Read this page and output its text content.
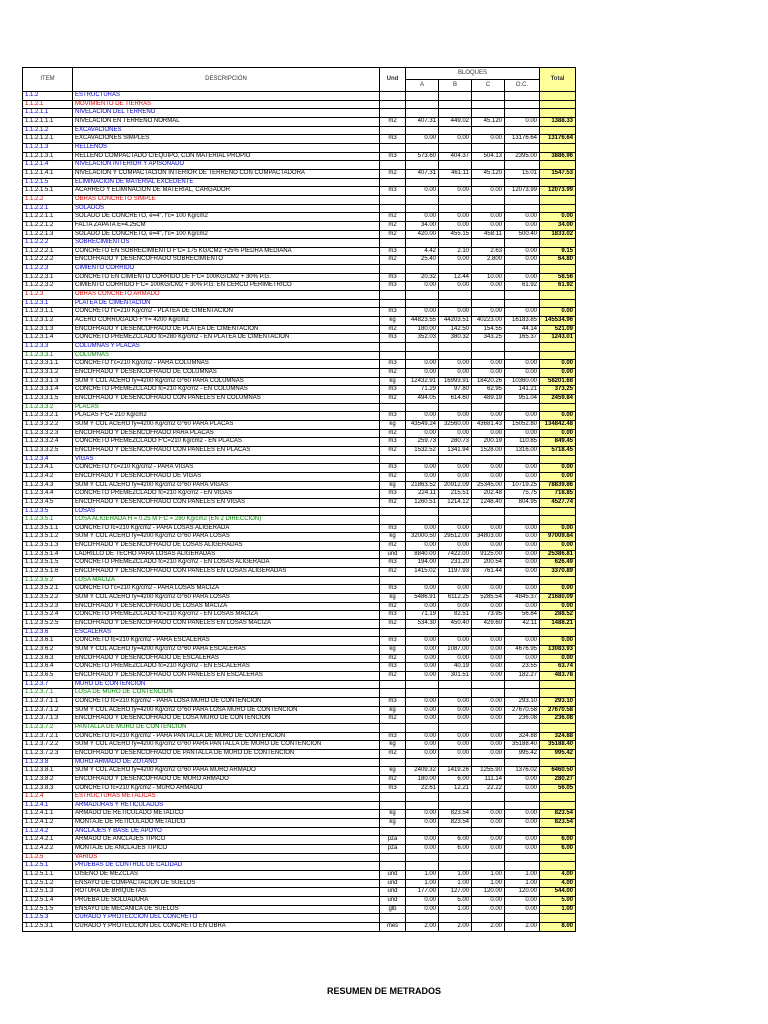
ITEM	DESCRIPCIÓN	Und	BLOQUES				Total
			A	B	C	O.C.	
1.1.2	ESTRUCTURAS						
1.1.2.1	MOVIMIENTO DE TIERRAS						
1.1.2.1.1	NIVELACION DEL TERRENO						
1.1.2.1.1.1	NIVELACION EN TERRENO NORMAL	m2	407.31	449.02	45.120	0.00	1388.33
1.1.2.1.2	EXCAVACIONES						
1.1.2.1.2.1	EXCAVACIONES SIMPLES	m3	0.00	0.00	0.00	13176.64	13176.64
1.1.2.1.3	RELLENOS						
1.1.2.1.3.1	RELLENO COMPACTADO C/EQUIPO, CON MATERIAL PROPIO	m3	573.60	404.37	504.13	2395.00	3886.96
1.1.2.1.4	NIVELACION INTERIOR Y APISONADO						
1.1.2.1.4.1	NIVELACION Y COMPACTACION INTERIOR DE TERRENO CON COMPACTADORA	m2	407.31	461.11	45.120	15.01	1547.53
1.1.2.1.5	ELIMINACION DE MATERIAL EXCEDENTE						
1.1.2.1.5.1	ACARREO Y ELIMINACION DE MATERIAL, CARGADOR	m3	0.00	0.00	0.00	12073.99	12073.99
1.1.2.2	OBRAS CONCRETO SIMPLE						
1.1.2.2.1	SOLADOS						
1.1.2.2.1.1	SOLADO DE CONCRETO, e=4", f'c= 100 Kg/cm2	m2	0.00	0.00	0.00	0.00	0.00
1.1.2.2.1.2	FALTA ZAPATA E=4.25CM	m2	34.00	0.00	0.00	0.00	34.00
1.1.2.2.1.3	SOLADO DE CONCRETO, e=4", f'c= 100 Kg/cm2	m2	420.00	455.15	458.11	500.40	1833.02
1.1.2.2.2	SOBRECIMIENTOS						
1.1.2.2.2.1	CONCRETO EN SOBRECIMIENTO F'C= 175 KG/CM2 +25% PIEDRA MEDIANA	m3	4.42	2.10	2.63	0.00	9.15
1.1.2.2.2.2	ENCOFRADO Y DESENCOFRADO SOBRECIMIENTO	m2	25.40	0.00	2.800	0.00	64.80
1.1.2.2.3	CIMIENTO CORRIDO						
1.1.2.2.3.1	CONCRETO EN CIMIENTO CORRIDO DE F'C= 100KG/CM2 + 30% P.G.	m3	20.32	12.44	10.00	0.00	58.56
1.1.2.2.3.2	CIMIENTO CORRIDO F'C= 100KG/CM2 + 30% P.G. EN CERCO PERIMETRICO	m3	0.00	0.00	0.00	61.92	61.92
1.1.2.3	OBRAS CONCRETO ARMADO						
1.1.2.3.1	PLATEA DE CIMENTACION						
1.1.2.3.1.1	CONCRETO f'c=210 Kg/cm2 - PLATEA DE CIMENTACION	m3	0.00	0.00	0.00	0.00	0.00
1.1.2.3.1.2	ACERO CORRUGADO F'Y= 4200 Kg/cm2	kg	44823.55	44203.51	40223.00	16183.85	145534.96
1.1.2.3.1.3	ENCOFRADO Y DESENCOFRADO DE PLATEA DE CIMENTACION	m2	180.00	142.50	154.55	44.14	521.09
1.1.2.3.1.4	CONCRETO PREMEZCLADO fc=280 Kg/cm2 - EN PLATEA DE CIMENTACION	m3	352.03	380.32	343.25	165.37	1243.01
1.1.2.3.3	COLUMNAS Y PLACAS						
1.1.2.3.3.1	COLUMNAS						
1.1.2.3.3.1.1	CONCRETO f'c=210 Kg/cm2 - PARA COLUMNAS	m3	0.00	0.00	0.00	0.00	0.00
1.1.2.3.3.1.2	ENCOFRADO Y DESENCOFRADO DE COLUMNAS	m2	0.00	0.00	0.00	0.00	0.00
1.1.2.3.3.1.3	SUM Y COL ACERO fy=4200 Kg/cm2 G°60 PARA COLUMNAS	kg	12432.91	16993.91	18420.26	10360.00	58201.68
1.1.2.3.3.1.4	CONCRETO PREMEZCLADO fc=210 Kg/cm2 - EN COLUMNAS	m3	71.29	97.80	62.95	141.21	373.25
1.1.2.3.3.1.5	ENCOFRADO Y DESENCOFRADO CON PANELES EN COLUMNAS	m2	494.05	614.60	489.19	951.04	2459.84
1.1.2.3.3.2	PLACAS						
1.1.2.3.3.2.1	PLACAS F'C= 210 Kg/cm2	m3	0.00	0.00	0.00	0.00	0.00
1.1.2.3.3.2.2	SUM Y COL ACERO fy=4200 Kg/cm2 G°60 PARA PLACAS	kg	43549.24	32560.00	43681.43	15052.80	134842.48
1.1.2.3.3.2.3	ENCOFRADO Y DESENCOFRADO PARA PLACAS	m2	0.00	0.00	0.00	0.00	0.00
1.1.2.3.3.2.4	CONCRETO PREMEZCLADO F'C=210 Kg/cm2 - EN PLACAS	m3	259.73	280.73	200.19	110.85	849.45
1.1.2.3.3.2.5	ENCOFRADO Y DESENCOFRADO CON PANELES EN PLACAS	m2	1532.52	1341.94	1528.00	1316.00	5718.45
1.1.2.3.4	VIGAS						
1.1.2.3.4.1	CONCRETO f'c=210 Kg/cm2 - PARA VIGAS	m3	0.00	0.00	0.00	0.00	0.00
1.1.2.3.4.2	ENCOFRADO Y DESENCOFRADO DE VIGAS	m2	0.00	0.00	0.00	0.00	0.00
1.1.2.3.4.3	SUM Y COL ACERO fy=4200 Kg/cm2 G°60 PARA VIGAS	kg	21863.52	20912.09	25345.00	10719.25	78839.86
1.1.2.3.4.4	CONCRETO PREMEZCLADO fc=210 Kg/cm2 - EN VIGAS	m3	224.11	215.51	202.48	75.75	718.85
1.1.2.3.4.5	ENCOFRADO Y DESENCOFRADO CON PANELES EN VIGAS	m2	1260.51	1214.12	1248.40	804.95	4527.74
1.1.2.3.5	LOSAS						
1.1.2.3.5.1	LOSA ALIGERADA H = 0.25 M F'C = 280 Kg/cm2 (EN 2 DIRECCION)						
1.1.2.3.5.1.1	CONCRETO fc=210 Kg/cm2 - PARA LOSAS ALIGERADA	m3	0.00	0.00	0.00	0.00	0.00
1.1.2.3.5.1.2	SUM Y COL ACERO fy=4200 Kg/cm2 G°60 PARA LOSAS	kg	32000.50	29512.00	34803.00	0.00	97009.84
1.1.2.3.5.1.3	ENCOFRADO Y DESENCOFRADO DE LOSAS ALIGERADAS	m2	0.00	0.00	0.00	0.00	0.00
1.1.2.3.5.1.4	LADRILLO DE TECHO PARA LOSAS ALIGERADAS	und	8840.00	7422.00	9125.00	0.00	25386.81
1.1.2.3.5.1.5	CONCRETO PREMEZCLADO fc=210 Kg/cm2 - EN LOSAS ALIGERADA	m3	194.00	231.20	200.54	0.00	626.49
1.1.2.3.5.1.6	ENCOFRADO Y DESENCOFRADO CON PANELES EN LOSAS ALIGERADAS	m2	1415.02	1197.93	761.44	0.00	3370.89
1.1.2.3.5.2	LOSA MACIZA						
1.1.2.3.5.2.1	CONCRETO f'c=210 Kg/cm2 - PARA LOSAS MACIZA	m3	0.00	0.00	0.00	0.00	0.00
1.1.2.3.5.2.2	SUM Y COL ACERO fy=4200 Kg/cm2 G°60 PARA LOSAS	kg	5486.91	6112.25	5285.54	4845.37	21680.09
1.1.2.3.5.2.3	ENCOFRADO Y DESENCOFRADO DE LOSAS MACIZA	m2	0.00	0.00	0.00	0.00	0.00
1.1.2.3.5.2.4	CONCRETO PREMEZCLADO fc=210 Kg/cm2 - EN LOSAS MACIZA	m3	71.19	82.51	73.95	56.84	288.52
1.1.2.3.5.2.5	ENCOFRADO Y DESENCOFRADO CON PANELES EN LOSAS MACIZA	m2	534.30	450.40	429.60	42.11	1488.21
1.1.2.3.6	ESCALERAS						
1.1.2.3.6.1	CONCRETO fc=210 Kg/cm2 - PARA ESCALERAS	m3	0.00	0.00	0.00	0.00	0.00
1.1.2.3.6.2	SUM Y COL ACERO fy=4200 Kg/cm2 G°60 PARA ESCALERAS	kg	0.00	1087.00	0.00	4676.95	13083.93
1.1.2.3.6.3	ENCOFRADO Y DESENCOFRADO DE ESCALERAS	m2	0.00	0.00	0.00	0.00	0.00
1.1.2.3.6.4	CONCRETO PREMEZCLADO fc=210 Kg/cm2 - EN ESCALERAS	m3	0.00	40.19	0.00	23.55	63.74
1.1.2.3.6.5	ENCOFRADO Y DESENCOFRADO CON PANELES EN ESCALERAS	m2	0.00	301.51	0.00	182.27	483.78
1.1.2.3.7	MURO DE CONTENCIÓN						
1.1.2.3.7.1	LOSA DE MURO DE CONTENCIÓN						
1.1.2.3.7.1.1	CONCRETO fc=210 Kg/cm2 - PARA LOSA MURO DE CONTENCION	m3	0.00	0.00	0.00	293.10	293.10
1.1.2.3.7.1.2	SUM Y COL ACERO fy=4200 Kg/cm2 G°60 PARA LOSA MURO DE CONTENCION	kg	0.00	0.00	0.00	27670.58	27670.58
1.1.2.3.7.1.3	ENCOFRADO Y DESENCOFRADO DE LOSA MURO DE CONTENCION	m2	0.00	0.00	0.00	236.08	236.08
1.1.2.3.7.2	PANTALLA DE MURO DE CONTENCIÓN						
1.1.2.3.7.2.1	CONCRETO fc=210 Kg/cm2 - PARA PANTALLA DE MURO DE CONTENCION	m3	0.00	0.00	0.00	324.88	324.88
1.1.2.3.7.2.2	SUM Y COL ACERO fy=4200 Kg/cm2 G°60 PARA PANTALLA DE MURO DE CONTENCION	kg	0.00	0.00	0.00	35188.40	35188.40
1.1.2.3.7.2.3	ENCOFRADO Y DESENCOFRADO DE PANTALLA DE MURO DE CONTENCION	m2	0.00	0.00	0.00	995.42	995.42
1.1.2.3.8	MURO ARMADO DE ZÓTANO						
1.1.2.3.8.1	SUM Y COL ACERO fy=4200 Kg/cm2 G°60 PARA MURO ARMADO	kg	2409.32	1419.26	1255.90	1376.02	6460.50
1.1.2.3.8.2	ENCOFRADO Y DESENCOFRADO DE MURO ARMADO	m2	180.00	6.00	111.14	0.00	280.27
1.1.2.3.8.3	CONCRETO fc=210 Kg/cm2 - MURO ARMADO	m3	22.61	12.21	22.22	0.00	56.05
1.1.2.4	ESTRUCTURAS METÁLICAS						
1.1.2.4.1	ARMADURAS Y RETICULADOS						
1.1.2.4.1.1	ARMADO DE RETICULADO METALICO	kg	0.00	823.54	0.00	0.00	823.54
1.1.2.4.1.2	MONTAJE DE RETICULADO METALICO	kg	0.00	823.54	0.00	0.00	823.54
1.1.2.4.2	ANCLAJES Y BASE DE APOYO						
1.1.2.4.2.1	ARMADO DE ANCLAJES TIPICO	pza	0.00	6.00	0.00	0.00	6.00
1.1.2.4.2.2	MONTAJE DE ANCLAJES TIPICO	pza	0.00	6.00	0.00	0.00	6.00
1.1.2.5	VARIOS						
1.1.2.5.1	PRUEBAS DE CONTROL DE CALIDAD						
1.1.2.5.1.1	DISEÑO DE MEZCLAS	und	1.00	1.00	1.00	1.00	4.00
1.1.2.5.1.2	ENSAYO DE COMPACTACION DE SUELOS	und	1.00	1.00	1.00	1.00	4.00
1.1.2.5.1.3	ROTURA DE BRIQUETAS	und	177.00	127.00	120.00	120.00	544.00
1.1.2.5.1.4	PRUEBA DE SOLDADURA	und	0.00	5.00	0.00	0.00	5.00
1.1.2.5.1.5	ENSAYO DE MECANICA DE SUELOS	glb	0.00	1.00	0.00	0.00	1.00
1.1.2.5.3	CURADO Y PROTECCIÓN DEL CONCRETO						
1.1.2.5.3.1	CURADO Y PROTECCION DEL CONCRETO EN OBRA	mes	2.00	2.00	2.00	2.00	8.00
RESUMEN DE METRADOS
